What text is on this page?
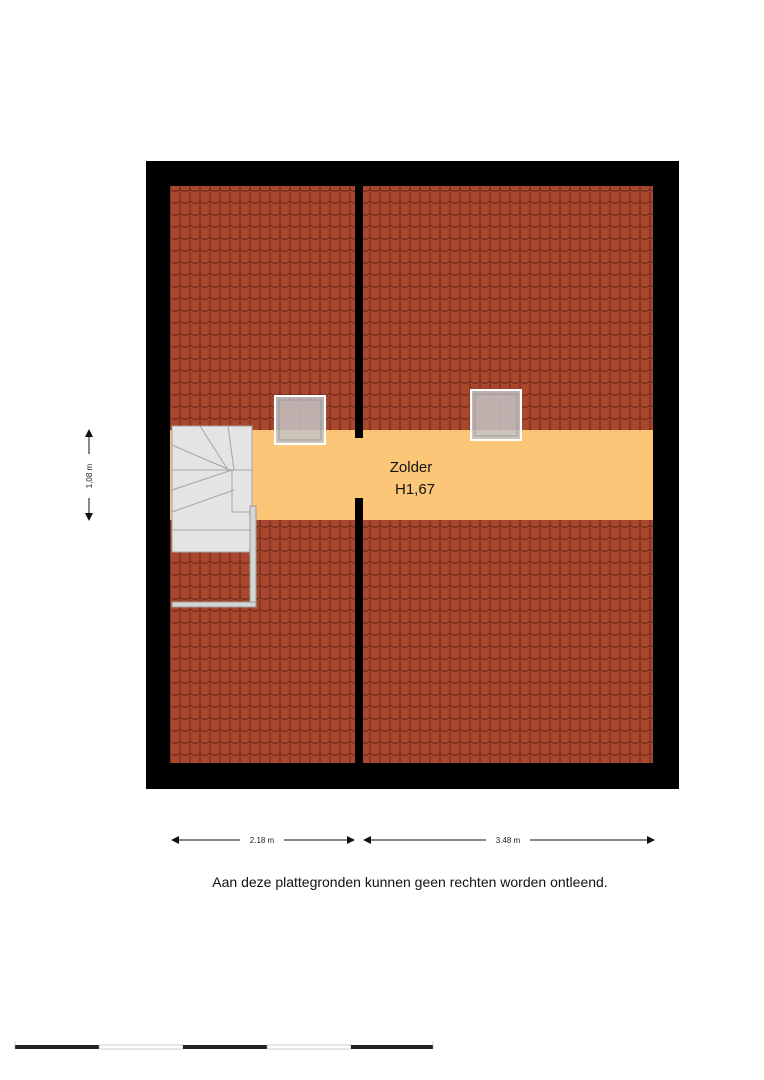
Zolder
H1,67
1,08 m
2.18 m	3.48 m
Aan deze plattegronden kunnen geen rechten worden ontleend.
